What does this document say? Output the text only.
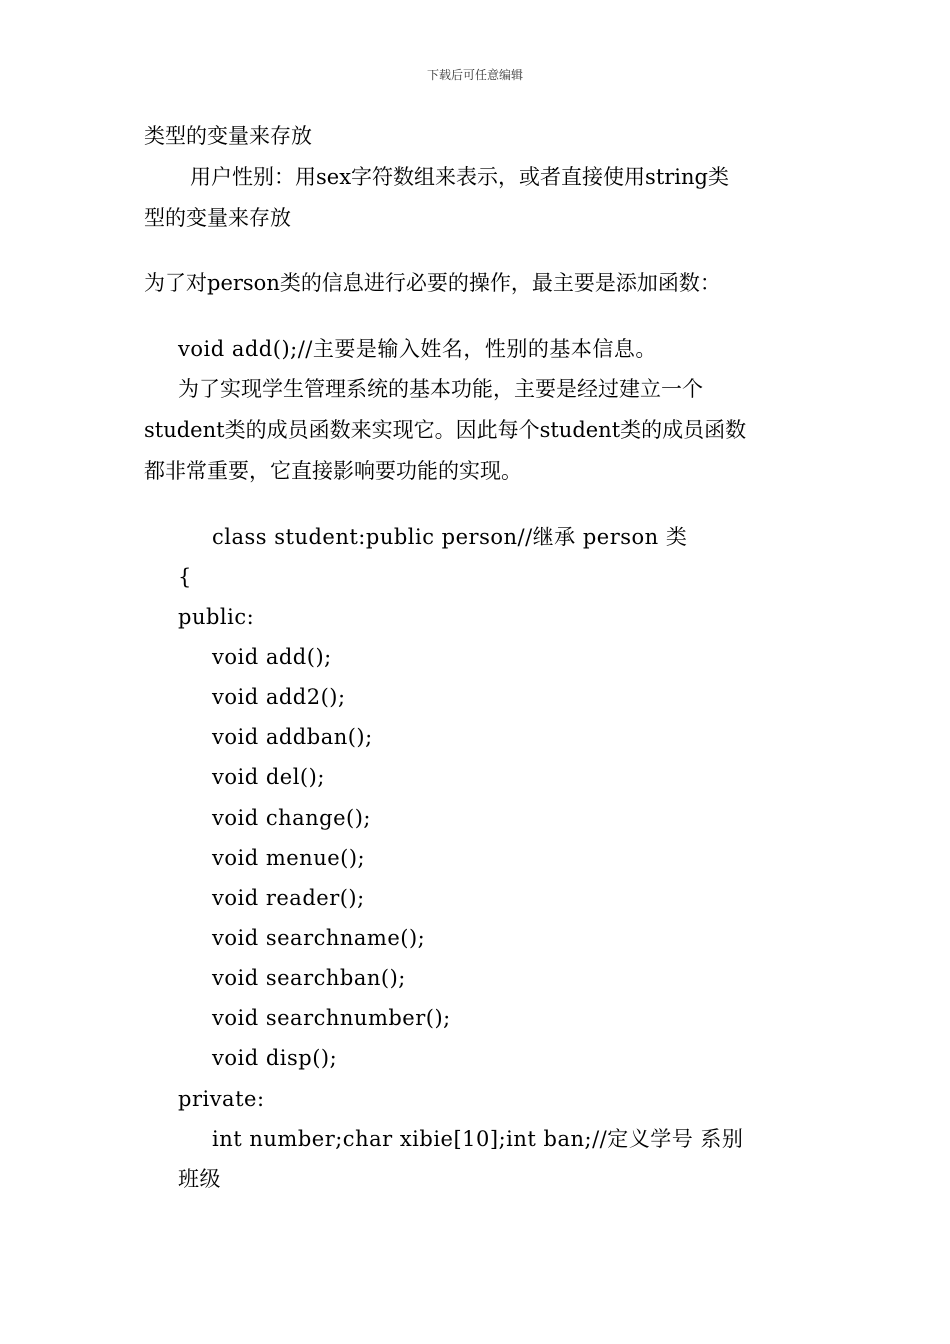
下载后可任意编辑
类型的变量来存放
用户性别：用sex字符数组来表示，或者直接使用string类
型的变量来存放
为了对person类的信息进行必要的操作，最主要是添加函数：
void add();//主要是输入姓名，性别的基本信息。
为了实现学生管理系统的基本功能，主要是经过建立一个
student类的成员函数来实现它。因此每个student类的成员函数
都非常重要，它直接影响要功能的实现。
class student:public person//继承 person 类
{
public:
void add();
void add2();
void addban();
void del();
void change();
void menue();
void reader();
void searchname();
void searchban();
void searchnumber();
void disp();
private:
int number;char xibie[10];int ban;//定义学号 系别
班级
